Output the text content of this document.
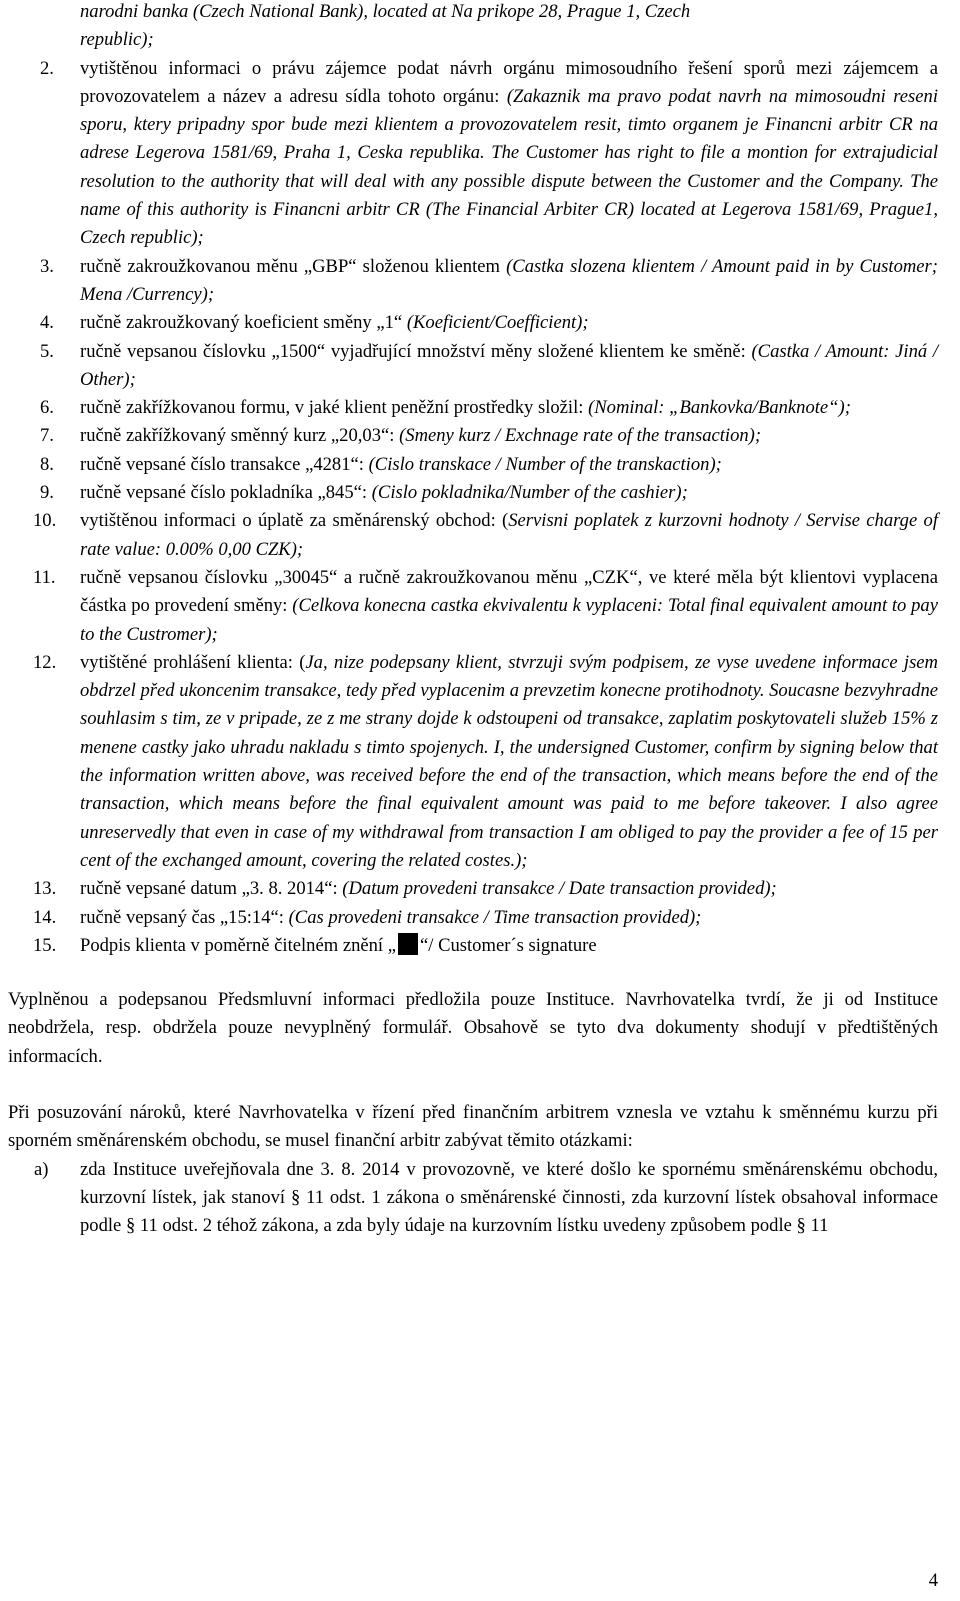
narodni banka (Czech National Bank), located at Na prikope 28, Prague 1, Czech

republic);

2. vytištěnou informaci o právu zájemce podat návrh orgánu mimosoudního řešení sporů mezi zájemcem a provozovatelem a název a adresu sídla tohoto orgánu: (Zakaznik ma pravo podat navrh na mimosoudni reseni sporu, ktery pripadny spor bude mezi klientem a provozovatelem resit, timto organem je Financni arbitr CR na adrese Legerova 1581/69, Praha 1, Ceska republika. The Customer has right to file a montion for extrajudicial resolution to the authority that will deal with any possible dispute between the Customer and the Company. The name of this authority is Financni arbitr CR (The Financial Arbiter CR) located at Legerova 1581/69, Prague1, Czech republic);
3. ručně zakroužkovanou měnu „GBP“ složenou klientem (Castka slozena klientem / Amount paid in by Customer; Mena /Currency);
4. ručně zakroužkovaný koeficient směny „1“ (Koeficient/Coefficient);
5. ručně vepsanou číslovku „1500“ vyjadřující množství měny složené klientem ke směně: (Castka / Amount: Jiná / Other);
6. ručně zakřížkovanou formu, v jaké klient peněžní prostředky složil: (Nominal: „Bankovka/Banknote“);
7. ručně zakřížkovaný směnný kurz „20,03“: (Smeny kurz / Exchnage rate of the transaction);
8. ručně vepsané číslo transakce „4281“: (Cislo transkace / Number of the transkaction);
9. ručně vepsané číslo pokladníka „845“: (Cislo pokladnika/Number of the cashier);
10. vytištěnou informaci o úplatě za směnárenský obchod: (Servisni poplatek z kurzovni hodnoty / Servise charge of rate value: 0.00% 0,00 CZK);
11. ručně vepsanou číslovku „30045“ a ručně zakroužkovanou měnu „CZK“, ve které měla být klientovi vyplacena částka po provedení směny: (Celkova konecna castka ekvivalentu k vyplaceni: Total final equivalent amount to pay to the Custromer);
12. vytištěné prohlášení klienta: (Ja, nize podepsany klient, stvrzuji svým podpisem, ze vyse uvedene informace jsem obdrzel před ukoncenim transakce, tedy před vyplacenim a prevzetim konecne protihodnoty. Soucasne bezvyhradne souhlasim s tim, ze v pripade, ze z me strany dojde k odstoupeni od transakce, zaplatim poskytovateli služeb 15% z menene castky jako uhradu nakladu s timto spojenych. I, the undersigned Customer, confirm by signing below that the information written above, was received before the end of the transaction, which means before the end of the transaction, which means before the final equivalent amount was paid to me before takeover. I also agree unreservedly that even in case of my withdrawal from transaction I am obliged to pay the provider a fee of 15 per cent of the exchanged amount, covering the related costes.);
13. ručně vepsané datum „3. 8. 2014“: (Datum provedeni transakce / Date transaction provided);
14. ručně vepsaný čas „15:14“: (Cas provedeni transakce / Time transaction provided);
15. Podpis klienta v poměrně čitelném znění „ “/ Customer´s signature

Vyplněnou a podepsanou Předsmluvní informaci předložila pouze Instituce. Navrhovatelka tvrdí, že ji od Instituce neobdržela, resp. obdržela pouze nevyplněný formulář. Obsahově se tyto dva dokumenty shodují v předtištěných informacích.

Při posuzování nároků, které Navrhovatelka v řízení před finančním arbitrem vznesla ve vztahu k směnnému kurzu při sporném směnárenském obchodu, se musel finanční arbitr zabývat těmito otázkami:

a) zda Instituce uveřejňovala dne 3. 8. 2014 v provozovně, ve které došlo ke spornému směnárenskému obchodu, kurzovní lístek, jak stanoví § 11 odst. 1 zákona o směnárenské činnosti, zda kurzovní lístek obsahoval informace podle § 11 odst. 2 téhož zákona, a zda byly údaje na kurzovním lístku uvedeny způsobem podle § 11
4
